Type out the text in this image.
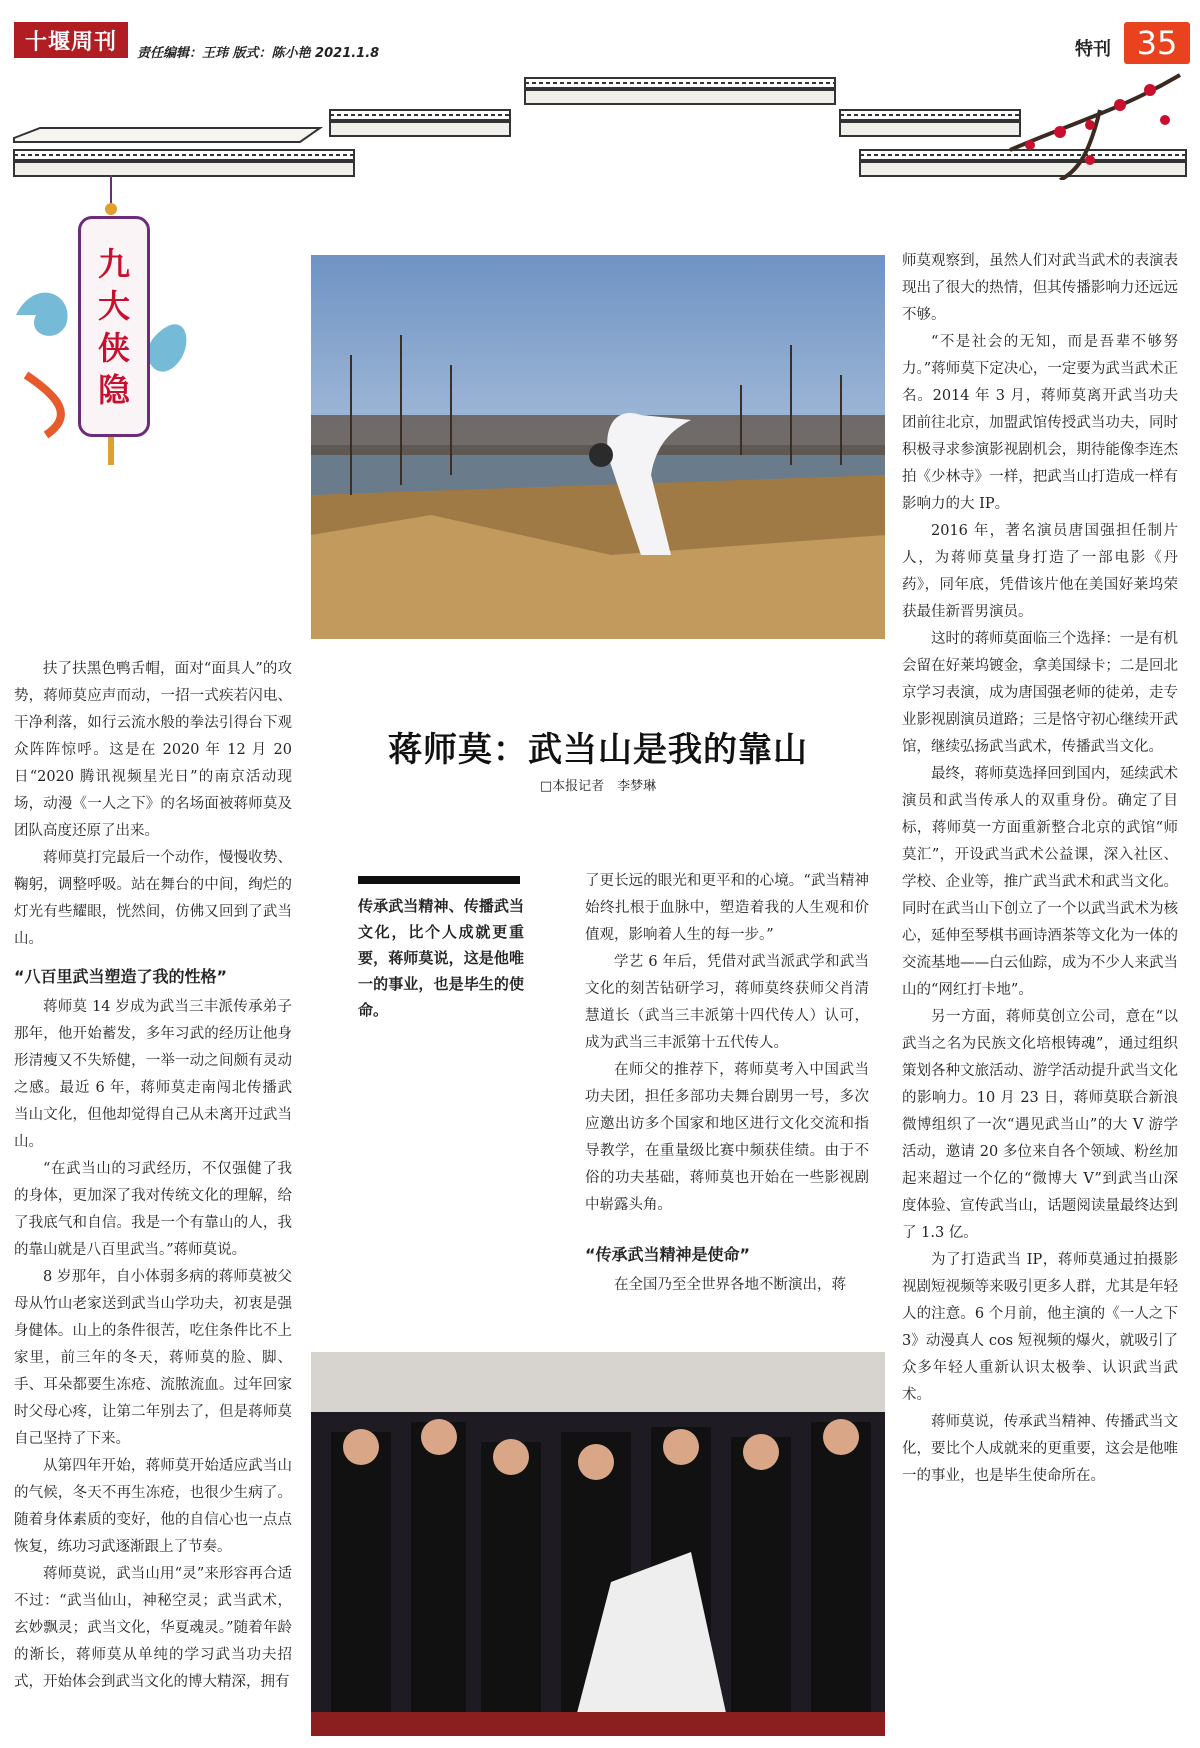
十堰周刊 责任编辑：王玮 版式：陈小艳 2021.1.8	特刊 35
九
大
侠
隐
蒋师莫：武当山是我的靠山
□本报记者　李梦琳
传承武当精神、传播武当文化，比个人成就更重要，蒋师莫说，这是他唯一的事业，也是毕生的使命。

扶了扶黑色鸭舌帽，面对“面具人”的攻势，蒋师莫应声而动，一招一式疾若闪电、干净利落，如行云流水般的拳法引得台下观众阵阵惊呼。这是在 2020 年 12 月 20 日“2020 腾讯视频星光日”的南京活动现场，动漫《一人之下》的名场面被蒋师莫及团队高度还原了出来。

蒋师莫打完最后一个动作，慢慢收势、鞠躬，调整呼吸。站在舞台的中间，绚烂的灯光有些耀眼，恍然间，仿佛又回到了武当山。

“八百里武当塑造了我的性格”

蒋师莫 14 岁成为武当三丰派传承弟子那年，他开始蓄发，多年习武的经历让他身形清瘦又不失矫健，一举一动之间颇有灵动之感。最近 6 年，蒋师莫走南闯北传播武当山文化，但他却觉得自己从未离开过武当山。

“在武当山的习武经历，不仅强健了我的身体，更加深了我对传统文化的理解，给了我底气和自信。我是一个有靠山的人，我的靠山就是八百里武当。”蒋师莫说。

8 岁那年，自小体弱多病的蒋师莫被父母从竹山老家送到武当山学功夫，初衷是强身健体。山上的条件很苦，吃住条件比不上家里，前三年的冬天，蒋师莫的脸、脚、手、耳朵都要生冻疮、流脓流血。过年回家时父母心疼，让第二年别去了，但是蒋师莫自己坚持了下来。

从第四年开始，蒋师莫开始适应武当山的气候，冬天不再生冻疮，也很少生病了。随着身体素质的变好，他的自信心也一点点恢复，练功习武逐渐跟上了节奏。

蒋师莫说，武当山用“灵”来形容再合适不过：“武当仙山，神秘空灵；武当武术，玄妙飘灵；武当文化，华夏魂灵。”随着年龄的渐长，蒋师莫从单纯的学习武当功夫招式，开始体会到武当文化的博大精深，拥有

了更长远的眼光和更平和的心境。“武当精神始终扎根于血脉中，塑造着我的人生观和价值观，影响着人生的每一步。”

学艺 6 年后，凭借对武当派武学和武当文化的刻苦钻研学习，蒋师莫终获师父肖清慧道长（武当三丰派第十四代传人）认可，成为武当三丰派第十五代传人。

在师父的推荐下，蒋师莫考入中国武当功夫团，担任多部功夫舞台剧男一号，多次应邀出访多个国家和地区进行文化交流和指导教学，在重量级比赛中频获佳绩。由于不俗的功夫基础，蒋师莫也开始在一些影视剧中崭露头角。

“传承武当精神是使命”

在全国乃至全世界各地不断演出，蒋

师莫观察到，虽然人们对武当武术的表演表现出了很大的热情，但其传播影响力还远远不够。

“不是社会的无知，而是吾辈不够努力。”蒋师莫下定决心，一定要为武当武术正名。2014 年 3 月，蒋师莫离开武当功夫团前往北京，加盟武馆传授武当功夫，同时积极寻求参演影视剧机会，期待能像李连杰拍《少林寺》一样，把武当山打造成一样有影响力的大 IP。

2016 年，著名演员唐国强担任制片人，为蒋师莫量身打造了一部电影《丹药》，同年底，凭借该片他在美国好莱坞荣获最佳新晋男演员。

这时的蒋师莫面临三个选择：一是有机会留在好莱坞镀金，拿美国绿卡；二是回北京学习表演，成为唐国强老师的徒弟，走专业影视剧演员道路；三是恪守初心继续开武馆，继续弘扬武当武术，传播武当文化。

最终，蒋师莫选择回到国内，延续武术演员和武当传承人的双重身份。确定了目标，蒋师莫一方面重新整合北京的武馆“师莫汇”，开设武当武术公益课，深入社区、学校、企业等，推广武当武术和武当文化。同时在武当山下创立了一个以武当武术为核心，延伸至琴棋书画诗酒茶等文化为一体的交流基地——白云仙踪，成为不少人来武当山的“网红打卡地”。

另一方面，蒋师莫创立公司，意在“以武当之名为民族文化培根铸魂”，通过组织策划各种文旅活动、游学活动提升武当文化的影响力。10 月 23 日，蒋师莫联合新浪微博组织了一次“遇见武当山”的大 V 游学活动，邀请 20 多位来自各个领域、粉丝加起来超过一个亿的“微博大 V”到武当山深度体验、宣传武当山，话题阅读量最终达到了 1.3 亿。

为了打造武当 IP，蒋师莫通过拍摄影视剧短视频等来吸引更多人群，尤其是年轻人的注意。6 个月前，他主演的《一人之下 3》动漫真人 cos 短视频的爆火，就吸引了众多年轻人重新认识太极拳、认识武当武术。

蒋师莫说，传承武当精神、传播武当文化，要比个人成就来的更重要，这会是他唯一的事业，也是毕生使命所在。
